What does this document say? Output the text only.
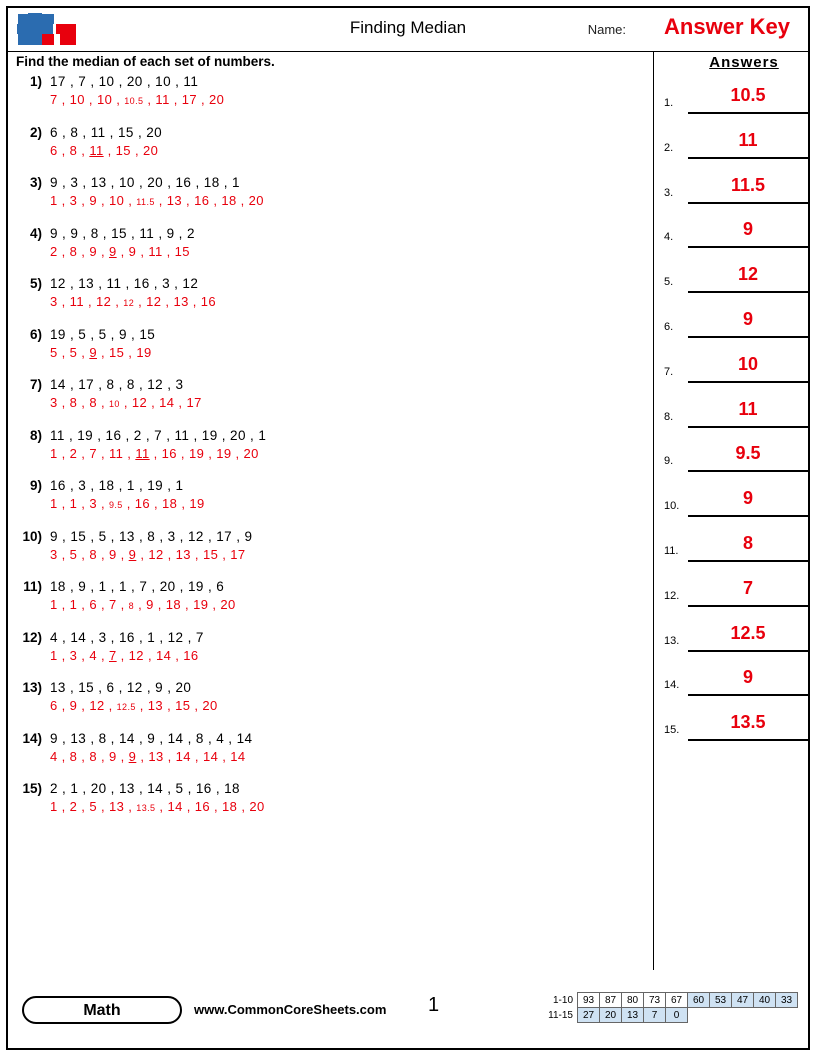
Finding Median	Name: Answer Key
Find the median of each set of numbers.
1) 17 , 7 , 10 , 20 , 10 , 11
7 , 10 , 10 , 10.5 , 11 , 17 , 20
2) 6 , 8 , 11 , 15 , 20
6 , 8 , 11 , 15 , 20
3) 9 , 3 , 13 , 10 , 20 , 16 , 18 , 1
1 , 3 , 9 , 10 , 11.5 , 13 , 16 , 18 , 20
4) 9 , 9 , 8 , 15 , 11 , 9 , 2
2 , 8 , 9 , 9 , 9 , 11 , 15
5) 12 , 13 , 11 , 16 , 3 , 12
3 , 11 , 12 , 12 , 12 , 13 , 16
6) 19 , 5 , 5 , 9 , 15
5 , 5 , 9 , 15 , 19
7) 14 , 17 , 8 , 8 , 12 , 3
3 , 8 , 8 , 10 , 12 , 14 , 17
8) 11 , 19 , 16 , 2 , 7 , 11 , 19 , 20 , 1
1 , 2 , 7 , 11 , 11 , 16 , 19 , 19 , 20
9) 16 , 3 , 18 , 1 , 19 , 1
1 , 1 , 3 , 9.5 , 16 , 18 , 19
10) 9 , 15 , 5 , 13 , 8 , 3 , 12 , 17 , 9
3 , 5 , 8 , 9 , 9 , 12 , 13 , 15 , 17
11) 18 , 9 , 1 , 1 , 7 , 20 , 19 , 6
1 , 1 , 6 , 7 , 8 , 9 , 18 , 19 , 20
12) 4 , 14 , 3 , 16 , 1 , 12 , 7
1 , 3 , 4 , 7 , 12 , 14 , 16
13) 13 , 15 , 6 , 12 , 9 , 20
6 , 9 , 12 , 12.5 , 13 , 15 , 20
14) 9 , 13 , 8 , 14 , 9 , 14 , 8 , 4 , 14
4 , 8 , 8 , 9 , 9 , 13 , 14 , 14 , 14
15) 2 , 1 , 20 , 13 , 14 , 5 , 16 , 18
1 , 2 , 5 , 13 , 13.5 , 14 , 16 , 18 , 20
Answers
1.	10.5
2.	11
3.	11.5
4.	9
5.	12
6.	9
7.	10
8.	11
9.	9.5
10.	9
11.	8
12.	7
13.	12.5
14.	9
15.	13.5
Math	www.CommonCoreSheets.com 1	1-10	93	87	80	73	67	60	53	47	40	33
11-15	27	20	13	7	0					
